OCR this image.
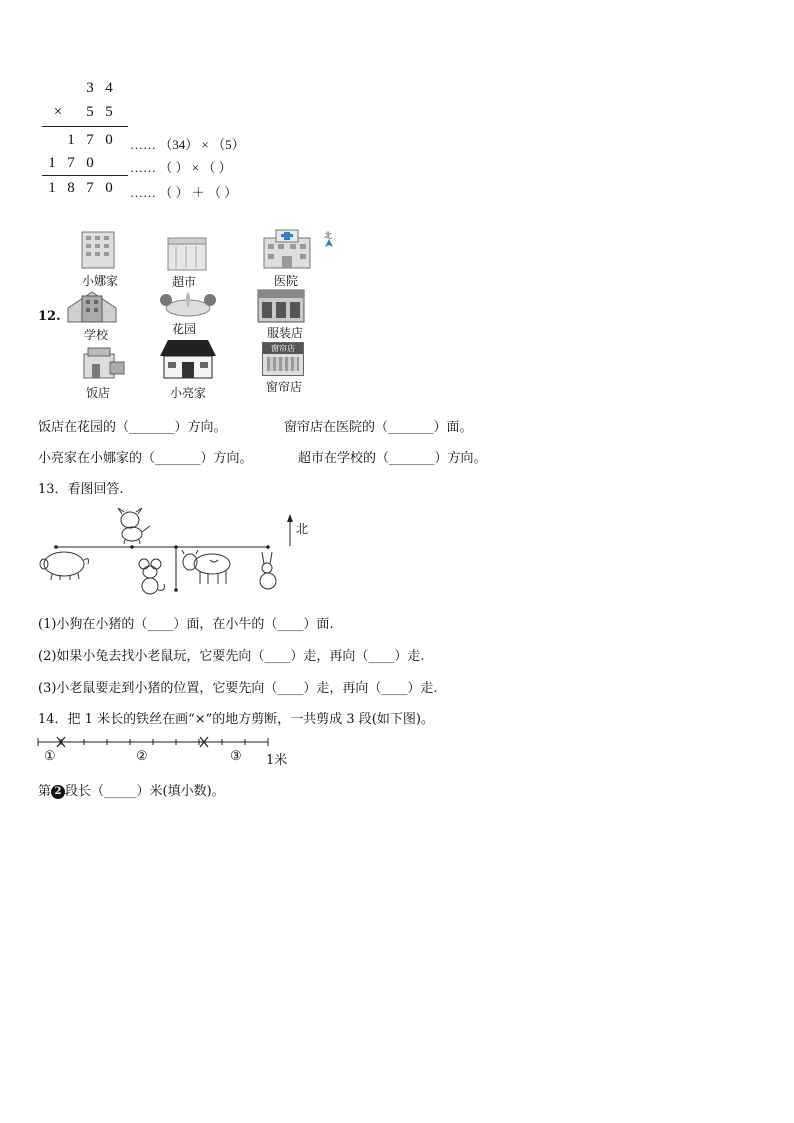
3 4
× 5 5
1 7 0 …… （34） × （5）
1 7 0	…… （ ） × （ ）
1 8 7 0 …… （ ） ＋ （ ）
12.
北
小娜家	超市	医院
学校	花园	服装店
饭店	小亮家
窗帘店
窗帘店
饭店在花园的（_______）方向。	窗帘店在医院的（_______）面。
小亮家在小娜家的（_______）方向。	超市在学校的（_______）方向。
13．看图回答.
北
(1)小狗在小猪的（____）面，在小牛的（____）面.
(2)如果小兔去找小老鼠玩，它要先向（____）走，再向（____）走.
(3)小老鼠要走到小猪的位置，它要先向（____）走，再向（____）走.
14．把 1 米长的铁丝在画“×”的地方剪断，一共剪成 3 段(如下图)。
①	②	③ 1米
第 2 段长（_____）米(填小数)。
